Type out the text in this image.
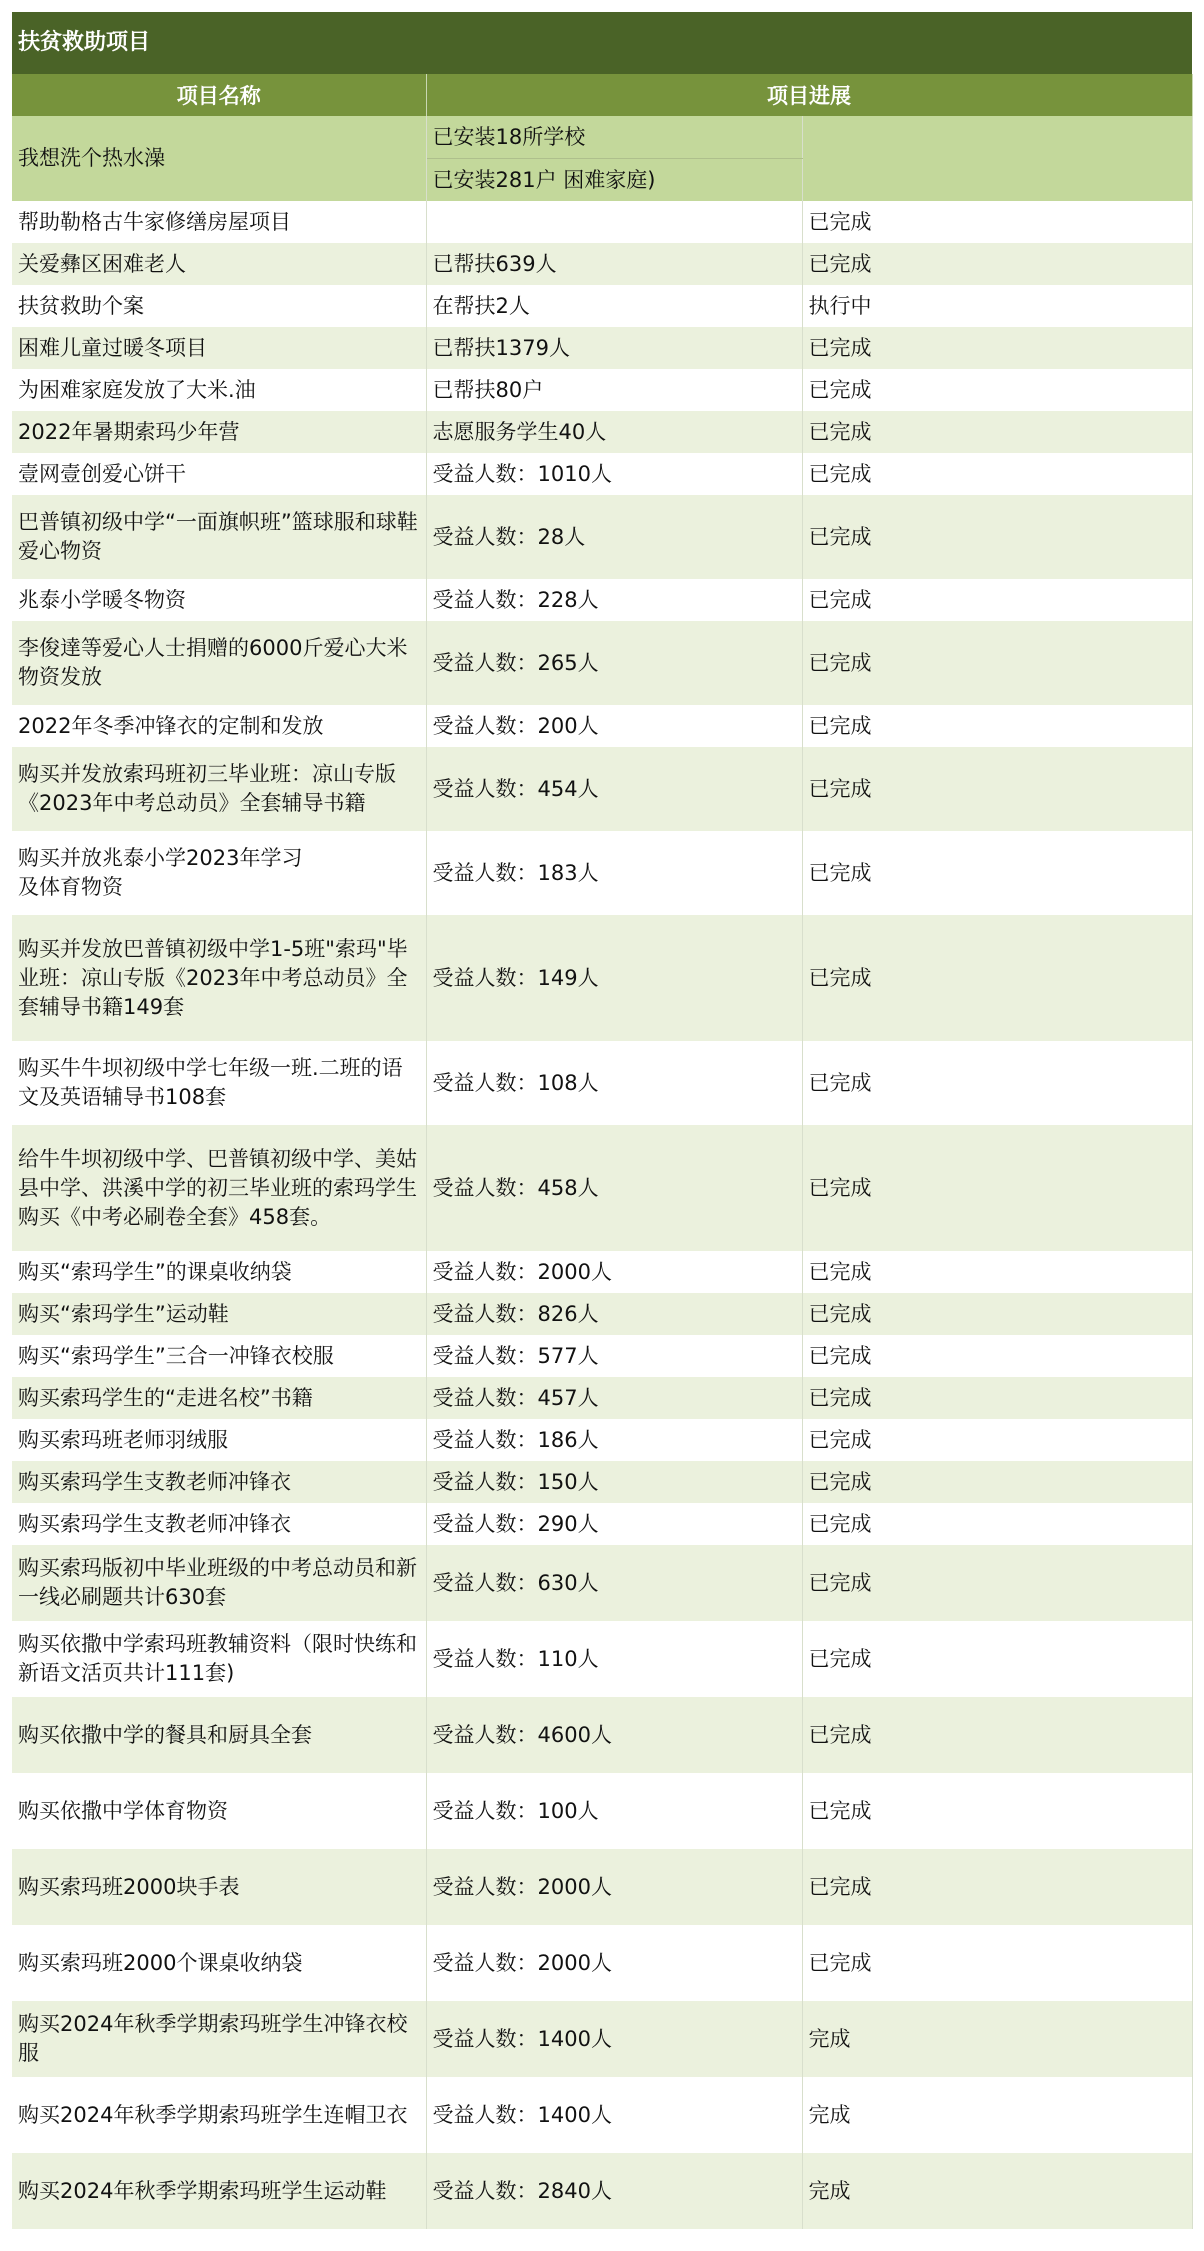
扶贫救助项目
项目名称	项目进展	
我想洗个热水澡	已安装18所学校	
	已安装281户 困难家庭)	
帮助勒格古牛家修缮房屋项目		已完成
关爱彝区困难老人	已帮扶639人	已完成
扶贫救助个案	在帮扶2人	执行中
困难儿童过暖冬项目	已帮扶1379人	已完成
为困难家庭发放了大米.油	已帮扶80户	已完成
2022年暑期索玛少年营	志愿服务学生40人	已完成
壹网壹创爱心饼干	受益人数：1010人	已完成
巴普镇初级中学“一面旗帜班”篮球服和球鞋爱心物资	受益人数：28人	已完成
兆泰小学暖冬物资	受益人数：228人	已完成
李俊達等爱心人士捐赠的6000斤爱心大米物资发放	受益人数：265人	已完成
2022年冬季冲锋衣的定制和发放	受益人数：200人	已完成
购买并发放索玛班初三毕业班：凉山专版《2023年中考总动员》全套辅导书籍	受益人数：454人	已完成
购买并放兆泰小学2023年学习
及体育物资	受益人数：183人	已完成
购买并发放巴普镇初级中学1-5班"索玛"毕业班：凉山专版《2023年中考总动员》全套辅导书籍149套	受益人数：149人	已完成
购买牛牛坝初级中学七年级一班.二班的语文及英语辅导书108套	受益人数：108人	已完成
给牛牛坝初级中学、巴普镇初级中学、美姑县中学、洪溪中学的初三毕业班的索玛学生购买《中考必刷卷全套》458套。	受益人数：458人	已完成
购买“索玛学生”的课桌收纳袋	受益人数：2000人	已完成
购买“索玛学生”运动鞋	受益人数：826人	已完成
购买“索玛学生”三合一冲锋衣校服	受益人数：577人	已完成
购买索玛学生的“走进名校”书籍	受益人数：457人	已完成
购买索玛班老师羽绒服	受益人数：186人	已完成
购买索玛学生支教老师冲锋衣	受益人数：150人	已完成
购买索玛学生支教老师冲锋衣	受益人数：290人	已完成
购买索玛版初中毕业班级的中考总动员和新一线必刷题共计630套	受益人数：630人	已完成
购买依撒中学索玛班教辅资料（限时快练和新语文活页共计111套)	受益人数：110人	已完成
购买依撒中学的餐具和厨具全套	受益人数：4600人	已完成
购买依撒中学体育物资	受益人数：100人	已完成
购买索玛班2000块手表	受益人数：2000人	已完成
购买索玛班2000个课桌收纳袋	受益人数：2000人	已完成
购买2024年秋季学期索玛班学生冲锋衣校服	受益人数：1400人	完成
购买2024年秋季学期索玛班学生连帽卫衣	受益人数：1400人	完成
购买2024年秋季学期索玛班学生运动鞋	受益人数：2840人	完成
